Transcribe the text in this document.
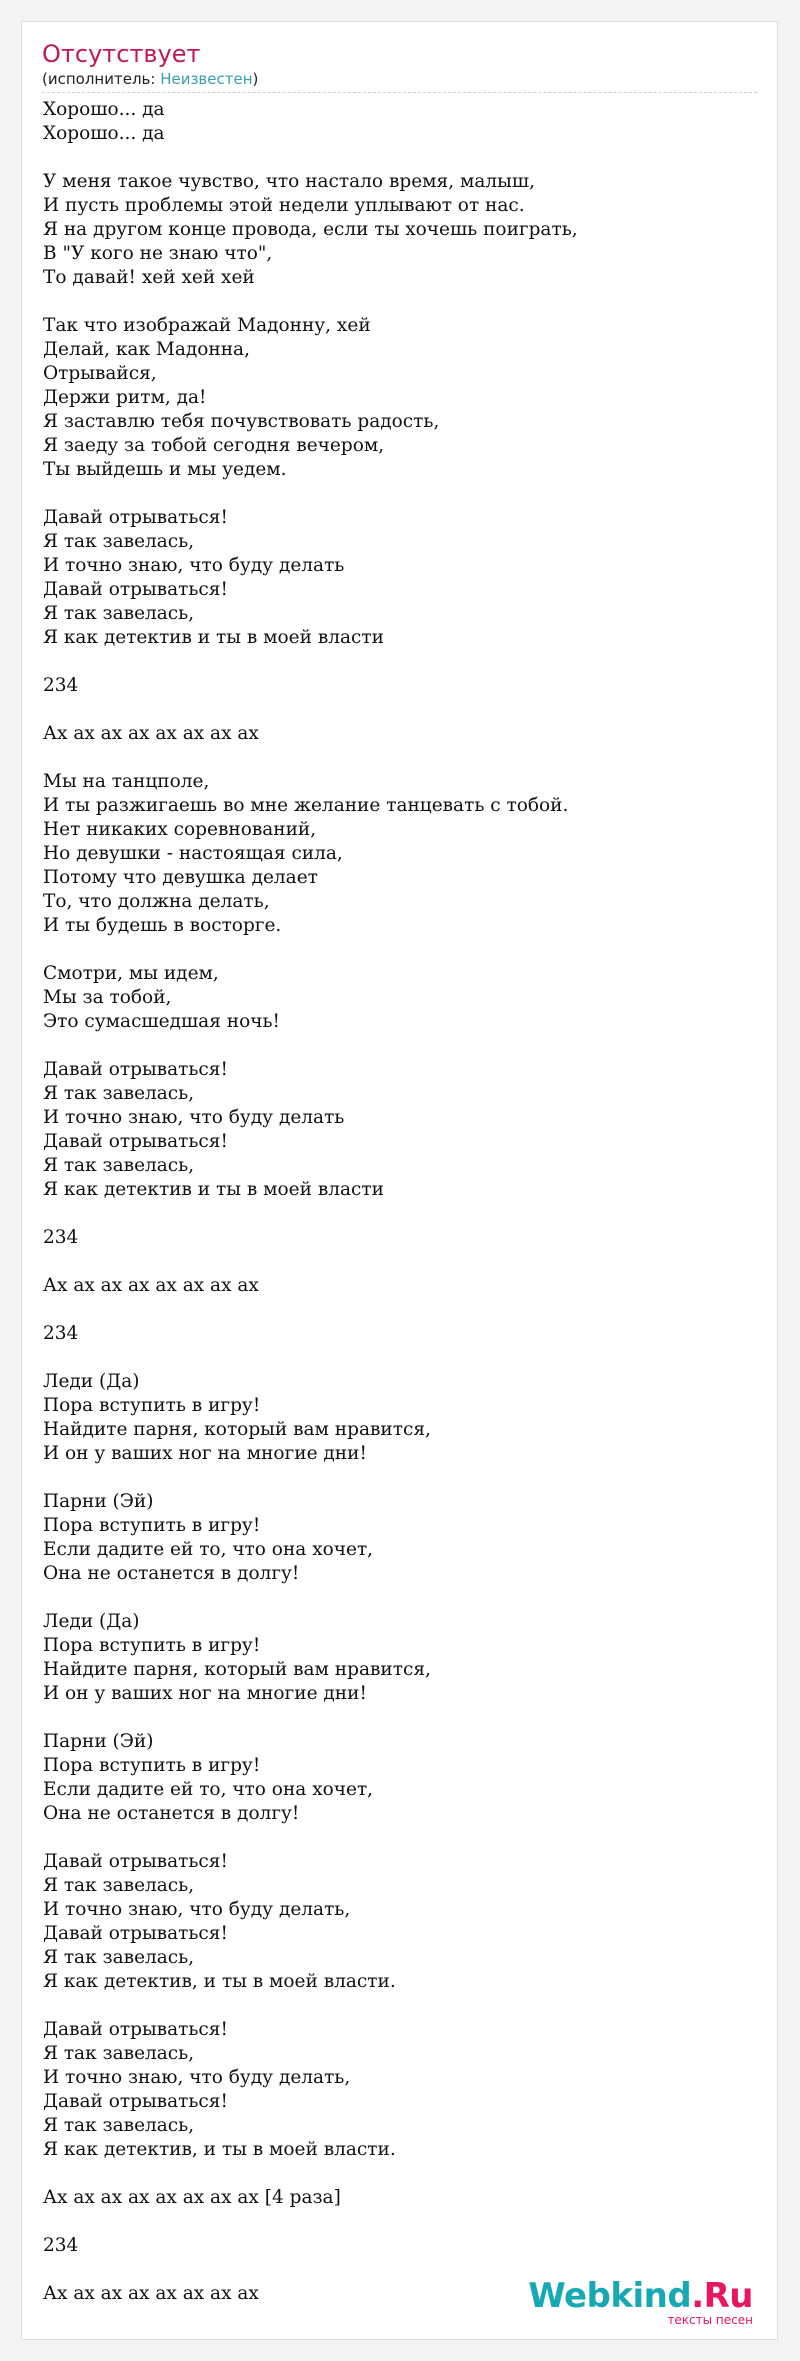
Отсутствует
(исполнитель: Неизвестен)
Хорошо... да
Хорошо... да
У меня такое чувство, что настало время, малыш,
И пусть проблемы этой недели уплывают от нас.
Я на другом конце провода, если ты хочешь поиграть,
В "У кого не знаю что",
То давай! хей хей хей
Так что изображай Мадонну, хей
Делай, как Мадонна,
Отрывайся,
Держи ритм, да!
Я заставлю тебя почувствовать радость,
Я заеду за тобой сегодня вечером,
Ты выйдешь и мы уедем.
Давай отрываться!
Я так завелась,
И точно знаю, что буду делать
Давай отрываться!
Я так завелась,
Я как детектив и ты в моей власти
234
Ах ах ах ах ах ах ах ах
Мы на танцполе,
И ты разжигаешь во мне желание танцевать с тобой.
Нет никаких соревнований,
Но девушки - настоящая сила,
Потому что девушка делает
То, что должна делать,
И ты будешь в восторге.
Смотри, мы идем,
Мы за тобой,
Это сумасшедшая ночь!
Давай отрываться!
Я так завелась,
И точно знаю, что буду делать
Давай отрываться!
Я так завелась,
Я как детектив и ты в моей власти
234
Ах ах ах ах ах ах ах ах
234
Леди (Да)
Пора вступить в игру!
Найдите парня, который вам нравится,
И он у ваших ног на многие дни!
Парни (Эй)
Пора вступить в игру!
Если дадите ей то, что она хочет,
Она не останется в долгу!
Леди (Да)
Пора вступить в игру!
Найдите парня, который вам нравится,
И он у ваших ног на многие дни!
Парни (Эй)
Пора вступить в игру!
Если дадите ей то, что она хочет,
Она не останется в долгу!
Давай отрываться!
Я так завелась,
И точно знаю, что буду делать,
Давай отрываться!
Я так завелась,
Я как детектив, и ты в моей власти.
Давай отрываться!
Я так завелась,
И точно знаю, что буду делать,
Давай отрываться!
Я так завелась,
Я как детектив, и ты в моей власти.
Ах ах ах ах ах ах ах ах [4 раза]
234
Ах ах ах ах ах ах ах ах	Webkind.Ru
тексты песен
